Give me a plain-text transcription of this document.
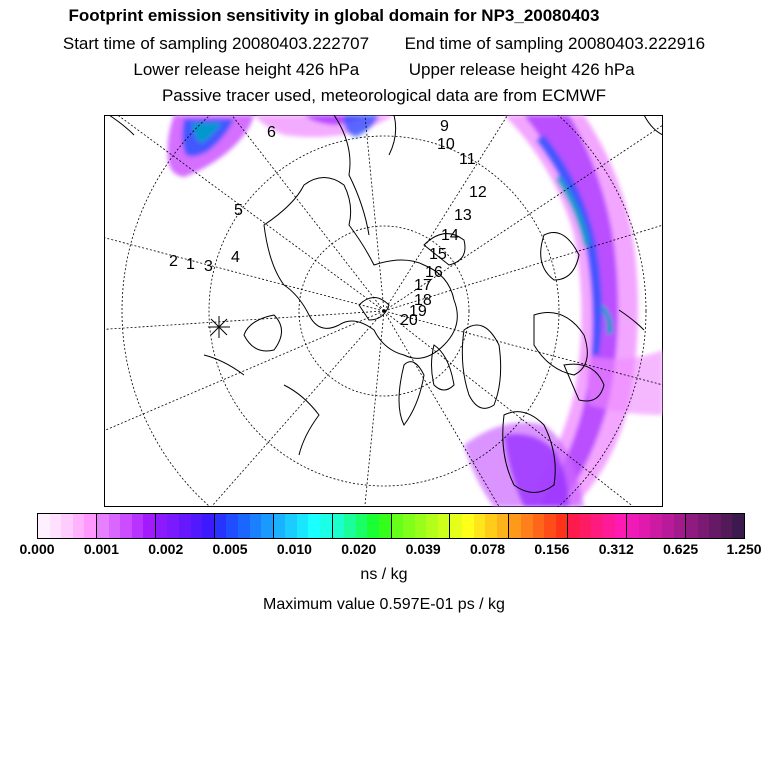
Footprint emission sensitivity in global domain for NP3_20080403
Start time of sampling 20080403.222707 End time of sampling 20080403.222916
Lower release height 426 hPa	Upper release height 426 hPa
Passive tracer used, meteorological data are from ECMWF
6	9
10
11
12
5	13
14
4
2 1 3
15
16
17
18
19
20
0.000 0.001 0.002 0.005 0.010 0.020 0.039 0.078 0.156 0.312 0.625 1.250
ns / kg
Maximum value 0.597E-01 ps / kg
